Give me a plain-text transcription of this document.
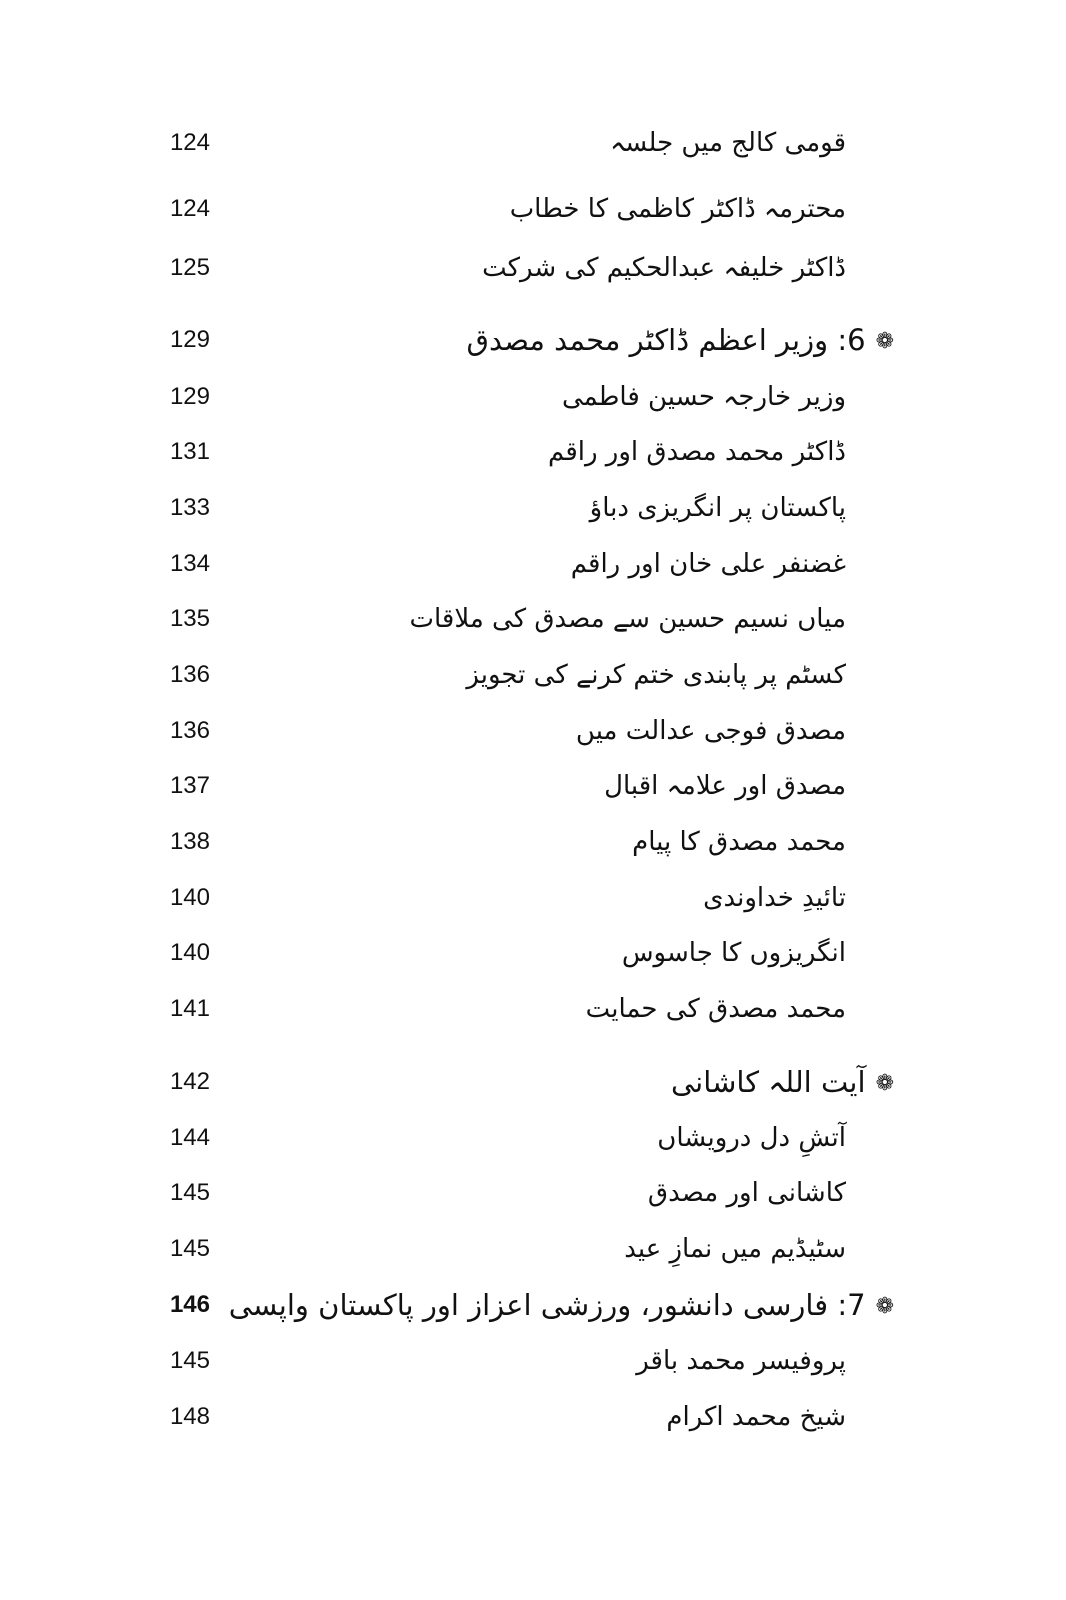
124	قومی کالج میں جلسہ
124	محترمہ ڈاکٹر کاظمی کا خطاب
125	ڈاکٹر خلیفہ عبدالحکیم کی شرکت
129	❁6: وزیر اعظم ڈاکٹر محمد مصدق
129	وزیر خارجہ حسین فاطمی
131	ڈاکٹر محمد مصدق اور راقم
133	پاکستان پر انگریزی دباؤ
134	غضنفر علی خان اور راقم
135	میاں نسیم حسین سے مصدق کی ملاقات
136	کسٹم پر پابندی ختم کرنے کی تجویز
136	مصدق فوجی عدالت میں
137	مصدق اور علامہ اقبال
138	محمد مصدق کا پیام
140	تائیدِ خداوندی
140	انگریزوں کا جاسوس
141	محمد مصدق کی حمایت
142	❁آیت اللہ کاشانی
144	آتشِ دل درویشاں
145	کاشانی اور مصدق
145	سٹیڈیم میں نمازِ عید
146	❁7: فارسی دانشور، ورزشی اعزاز اور پاکستان واپسی
145	پروفیسر محمد باقر
148	شیخ محمد اکرام
